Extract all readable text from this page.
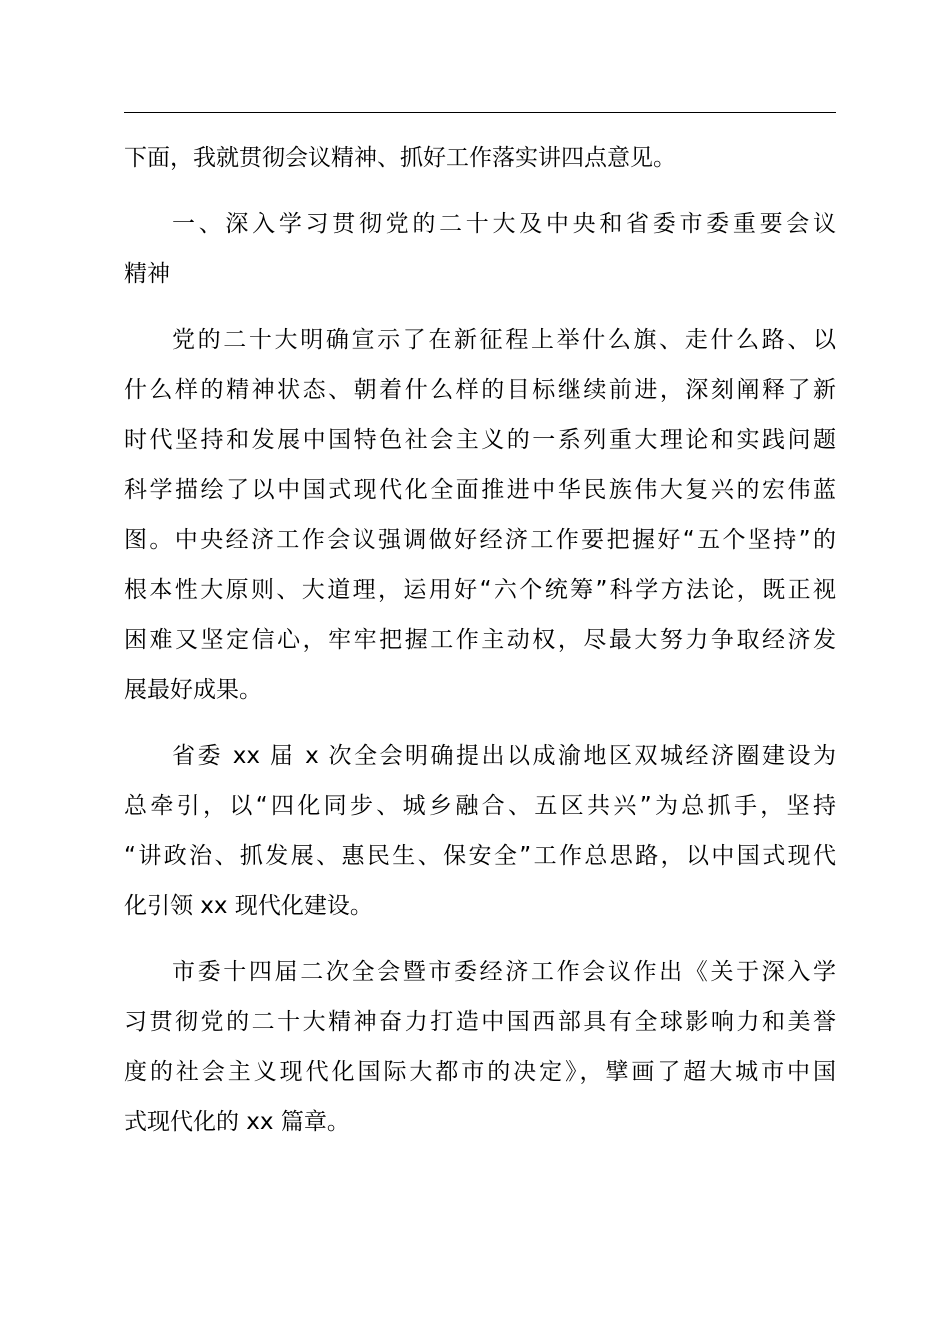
下面，我就贯彻会议精神、抓好工作落实讲四点意见。

一、深入学习贯彻党的二十大及中央和省委市委重要会议
精神

党的二十大明确宣示了在新征程上举什么旗、走什么路、以
什么样的精神状态、朝着什么样的目标继续前进，深刻阐释了新
时代坚持和发展中国特色社会主义的一系列重大理论和实践问题
科学描绘了以中国式现代化全面推进中华民族伟大复兴的宏伟蓝
图。中央经济工作会议强调做好经济工作要把握好“五个坚持”的
根本性大原则、大道理，运用好“六个统筹”科学方法论，既正视
困难又坚定信心，牢牢把握工作主动权，尽最大努力争取经济发
展最好成果。

省委 xx 届 x 次全会明确提出以成渝地区双城经济圈建设为
总牵引，以“四化同步、城乡融合、五区共兴”为总抓手，坚持
“讲政治、抓发展、惠民生、保安全”工作总思路，以中国式现代
化引领 xx 现代化建设。

市委十四届二次全会暨市委经济工作会议作出《关于深入学
习贯彻党的二十大精神奋力打造中国西部具有全球影响力和美誉
度的社会主义现代化国际大都市的决定》，擘画了超大城市中国
式现代化的 xx 篇章。
